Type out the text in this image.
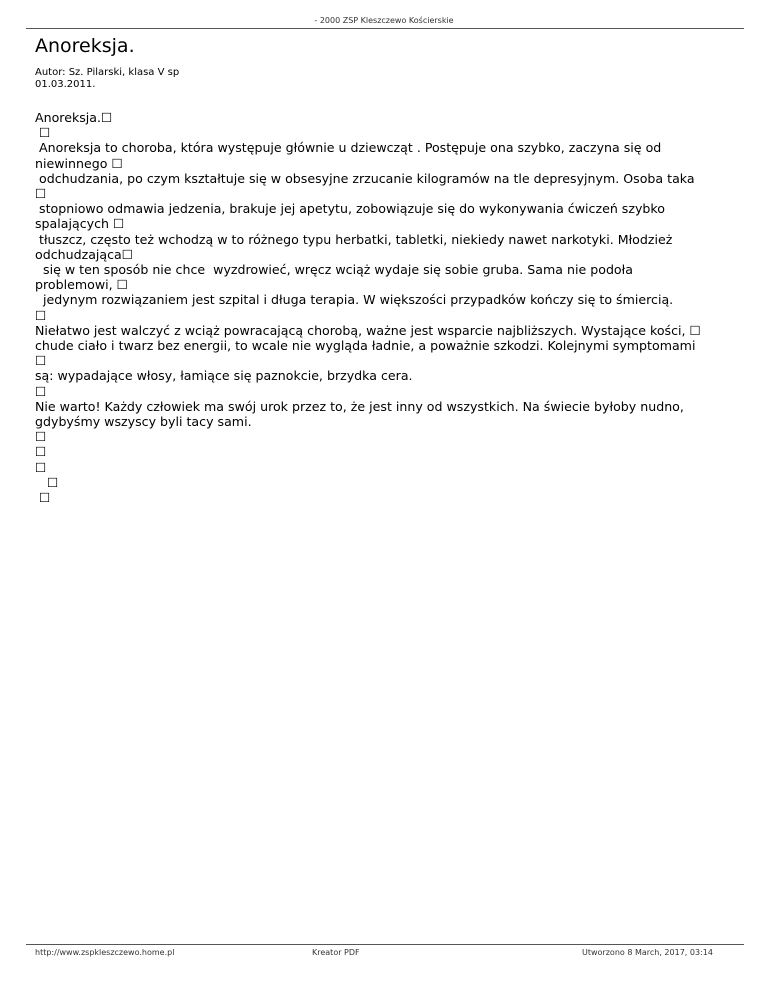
- 2000 ZSP Kleszczewo Kościerskie
Anoreksja.
Autor: Sz. Pilarski, klasa V sp
01.03.2011.

Anoreksja.☐

☐

Anoreksja to choroba, która występuje głównie u dziewcząt . Postępuje ona szybko, zaczyna się od

niewinnego ☐

odchudzania, po czym kształtuje się w obsesyjne zrzucanie kilogramów na tle depresyjnym. Osoba taka

☐

stopniowo odmawia jedzenia, brakuje jej apetytu, zobowiązuje się do wykonywania ćwiczeń szybko

spalających ☐

tłuszcz, często też wchodzą w to różnego typu herbatki, tabletki, niekiedy nawet narkotyki. Młodzież

odchudzająca☐

się w ten sposób nie chce  wyzdrowieć, wręcz wciąż wydaje się sobie gruba. Sama nie podoła

problemowi, ☐

jedynym rozwiązaniem jest szpital i długa terapia. W większości przypadków kończy się to śmiercią.

☐

Niełatwo jest walczyć z wciąż powracającą chorobą, ważne jest wsparcie najbliższych. Wystające kości, ☐

chude ciało i twarz bez energii, to wcale nie wygląda ładnie, a poważnie szkodzi. Kolejnymi symptomami

☐

są: wypadające włosy, łamiące się paznokcie, brzydka cera.

☐

Nie warto! Każdy człowiek ma swój urok przez to, że jest inny od wszystkich. Na świecie byłoby nudno,

gdybyśmy wszyscy byli tacy sami.

☐

☐

☐

☐

☐

http://www.zspkleszczewo.home.pl	Kreator PDF	Utworzono 8 March, 2017, 03:14
